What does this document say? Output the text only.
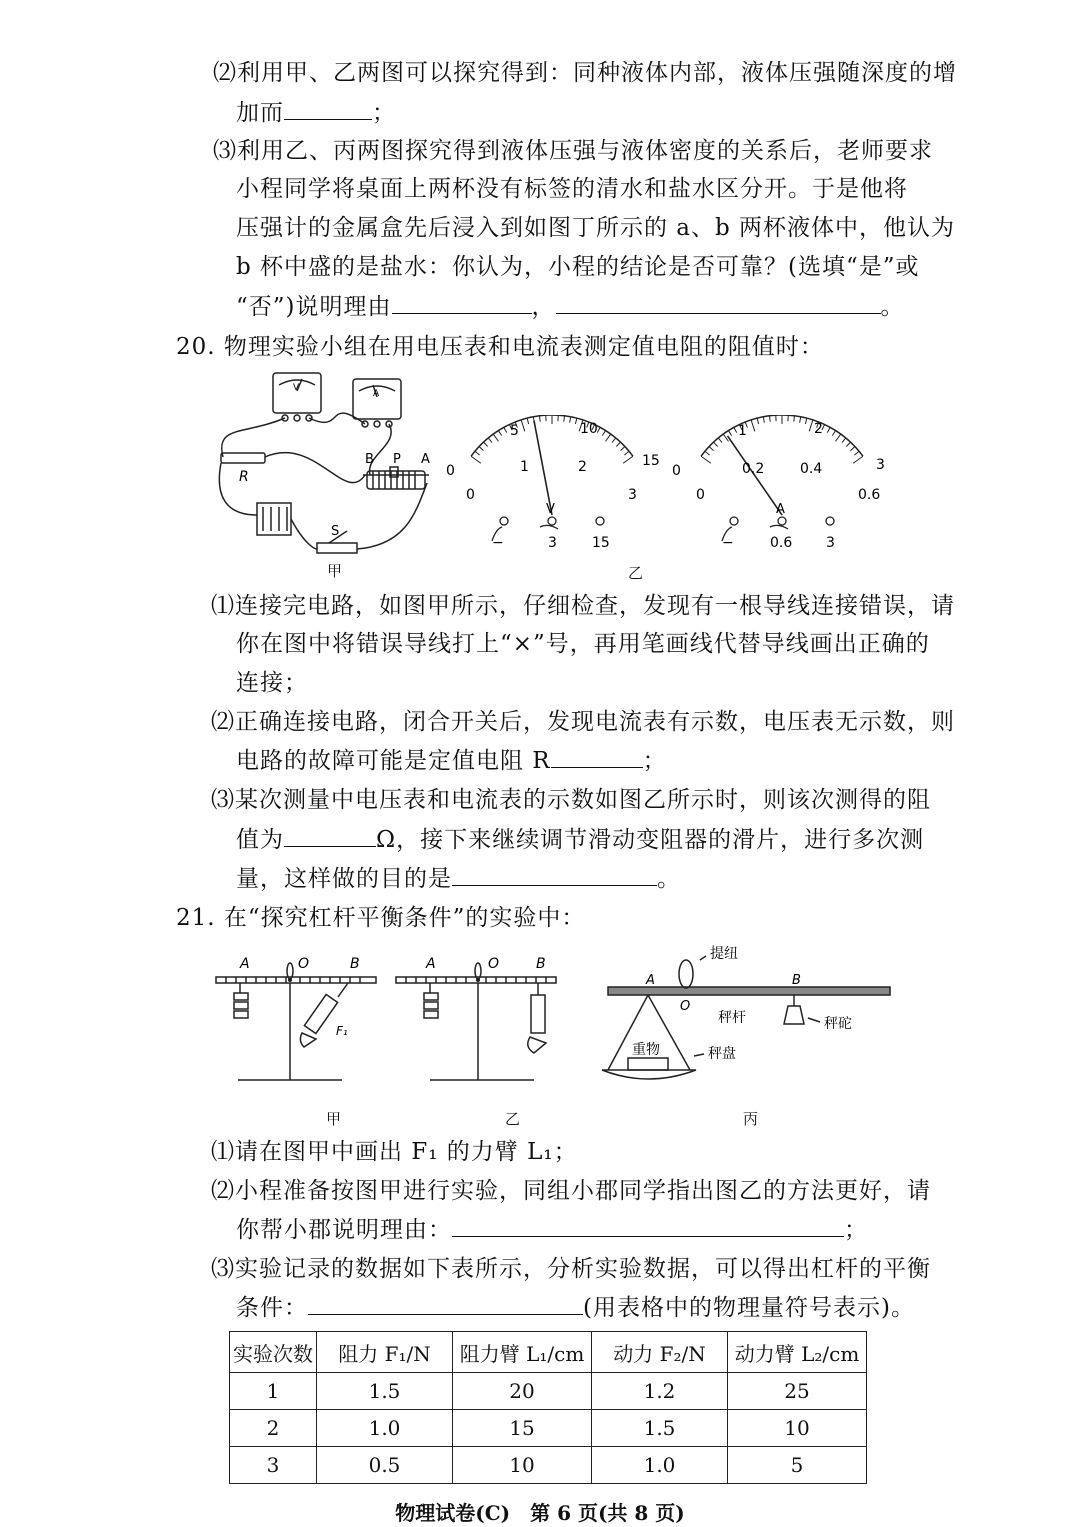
⑵利用甲、乙两图可以探究得到：同种液体内部，液体压强随深度的增
加而	；
⑶利用乙、丙两图探究得到液体压强与液体密度的关系后，老师要求
小程同学将桌面上两杯没有标签的清水和盐水区分开。于是他将
压强计的金属盒先后浸入到如图丁所示的 a、b 两杯液体中，他认为
b 杯中盛的是盐水：你认为，小程的结论是否可靠？(选填“是”或
“否”)说明理由	，	。
20. 物理实验小组在用电压表和电流表测定值电阻的阻值时：
R
B P A
S
V
A
甲
0
5	10
15
0
1	2
3
V
0
1	2
3
0
0.2	0.4
0.6
A
−	3	15	−	0.6 3
乙
⑴连接完电路，如图甲所示，仔细检查，发现有一根导线连接错误，请
你在图中将错误导线打上“×”号，再用笔画线代替导线画出正确的
连接；
⑵正确连接电路，闭合开关后，发现电流表有示数，电压表无示数，则
电路的故障可能是定值电阻 R	；
⑶某次测量中电压表和电流表的示数如图乙所示时，则该次测得的阻
值为	Ω，接下来继续调节滑动变阻器的滑片，进行多次测
量，这样做的目的是	。
21. 在“探究杠杆平衡条件”的实验中：
A	O	B
F₁
甲
A	O	B
乙
提纽
A
O
B
秤杆	秤砣
重物	秤盘
丙
⑴请在图甲中画出 F₁ 的力臂 L₁；
⑵小程准备按图甲进行实验，同组小郡同学指出图乙的方法更好，请
你帮小郡说明理由：	；
⑶实验记录的数据如下表所示，分析实验数据，可以得出杠杆的平衡
条件：	(用表格中的物理量符号表示)。
实验次数	阻力 F₁/N	阻力臂 L₁/cm	动力 F₂/N	动力臂 L₂/cm
1	1.5	20	1.2	25
2	1.0	15	1.5	10
3	0.5	10	1.0	5
物理试卷(C)　第 6 页(共 8 页)
